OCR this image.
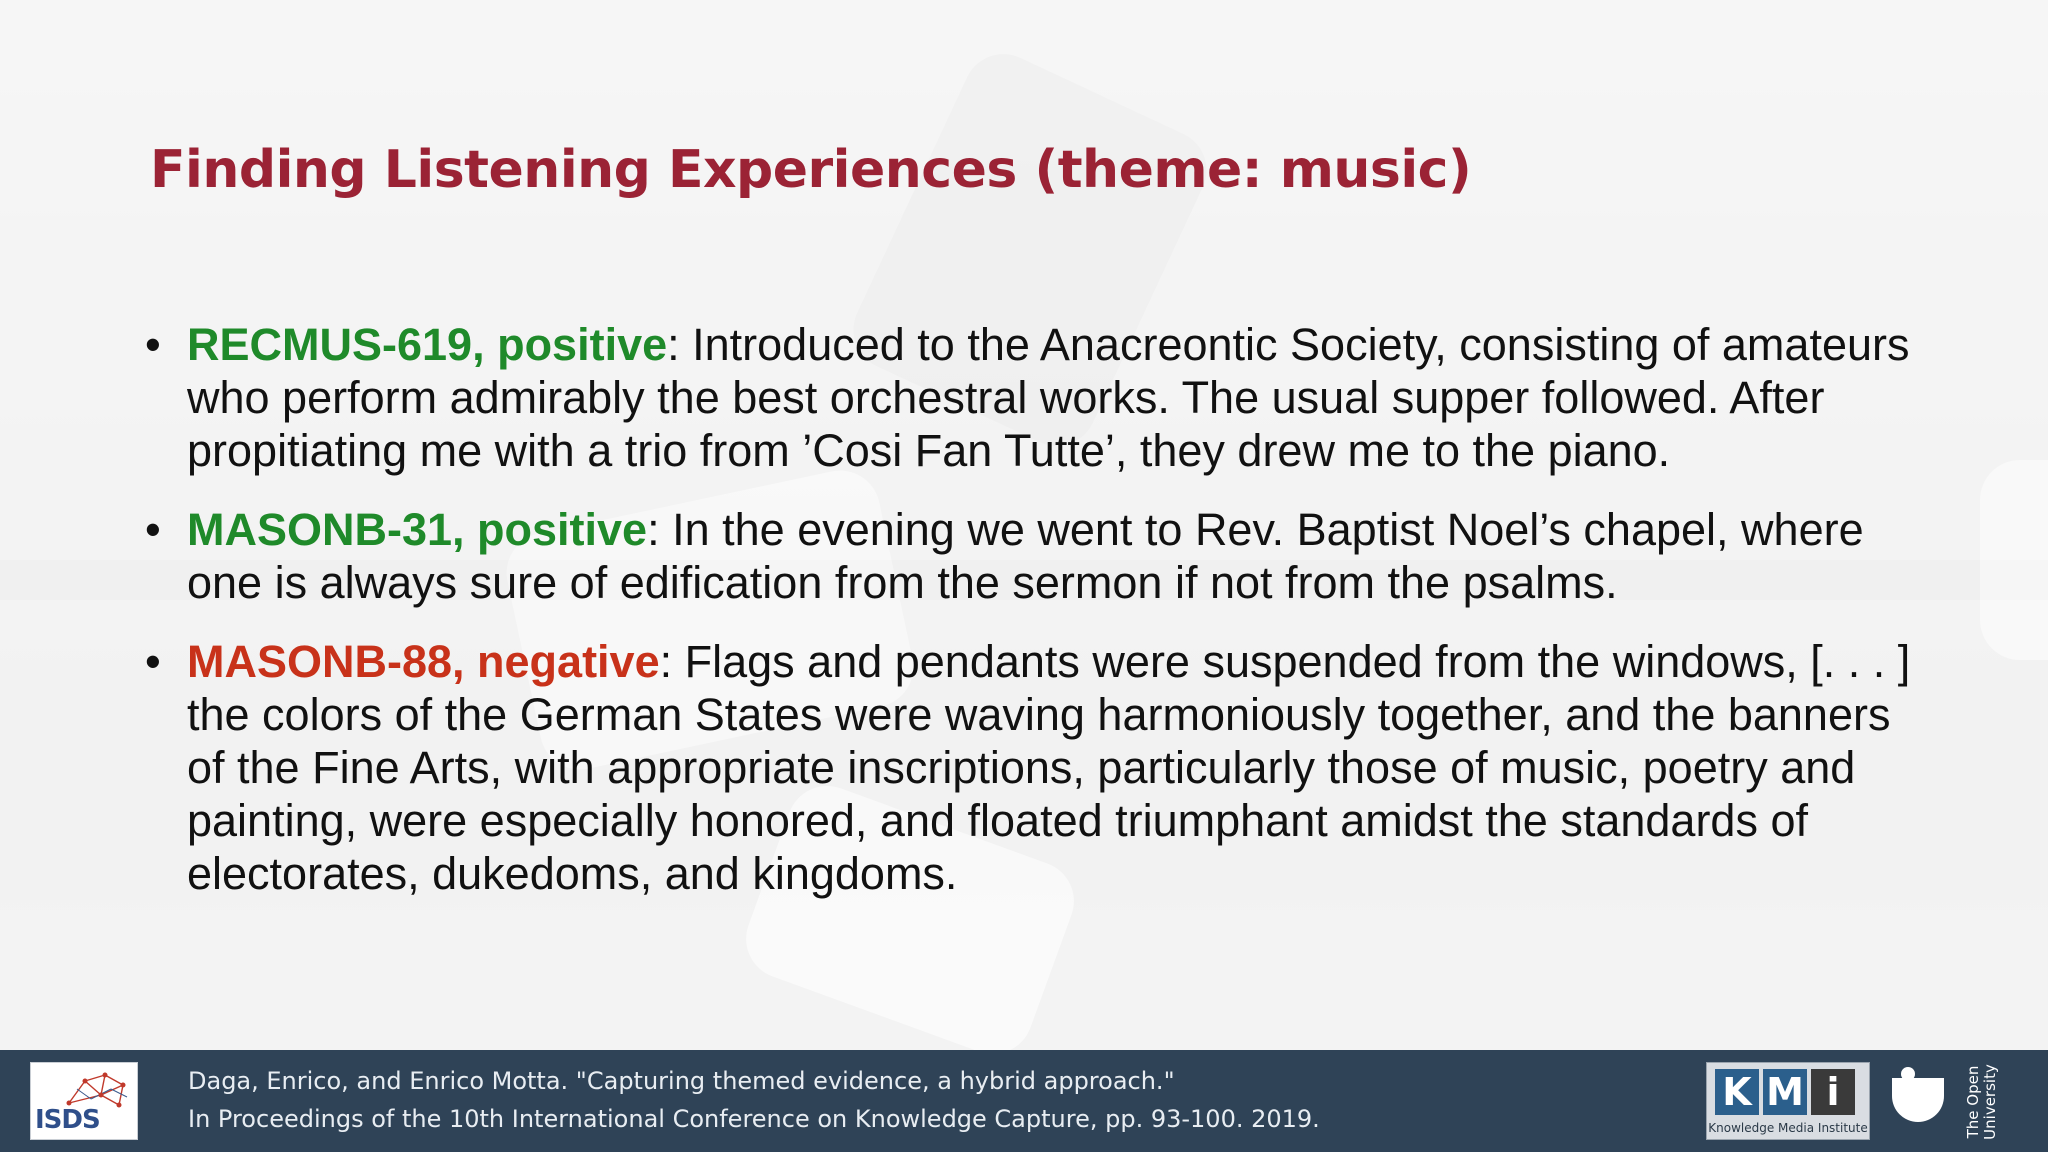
Finding Listening Experiences (theme: music)
• RECMUS-619, positive: Introduced to the Anacreontic Society, consisting of amateurs who perform admirably the best orchestral works. The usual supper followed. After propitiating me with a trio from ’Cosi Fan Tutte’, they drew me to the piano.
• MASONB-31, positive: In the evening we went to Rev. Baptist Noel’s chapel, where one is always sure of edification from the sermon if not from the psalms.
• MASONB-88, negative: Flags and pendants were suspended from the windows, [. . . ] the colors of the German States were waving harmoniously together, and the banners of the Fine Arts, with appropriate inscriptions, particularly those of music, poetry and painting, were especially honored, and floated triumphant amidst the standards of electorates, dukedoms, and kingdoms.
ISDS
Daga, Enrico, and Enrico Motta. "Capturing themed evidence, a hybrid approach."
In Proceedings of the 10th International Conference on Knowledge Capture, pp. 93-100. 2019.
K M i
Knowledge Media Institute	The Open
University
